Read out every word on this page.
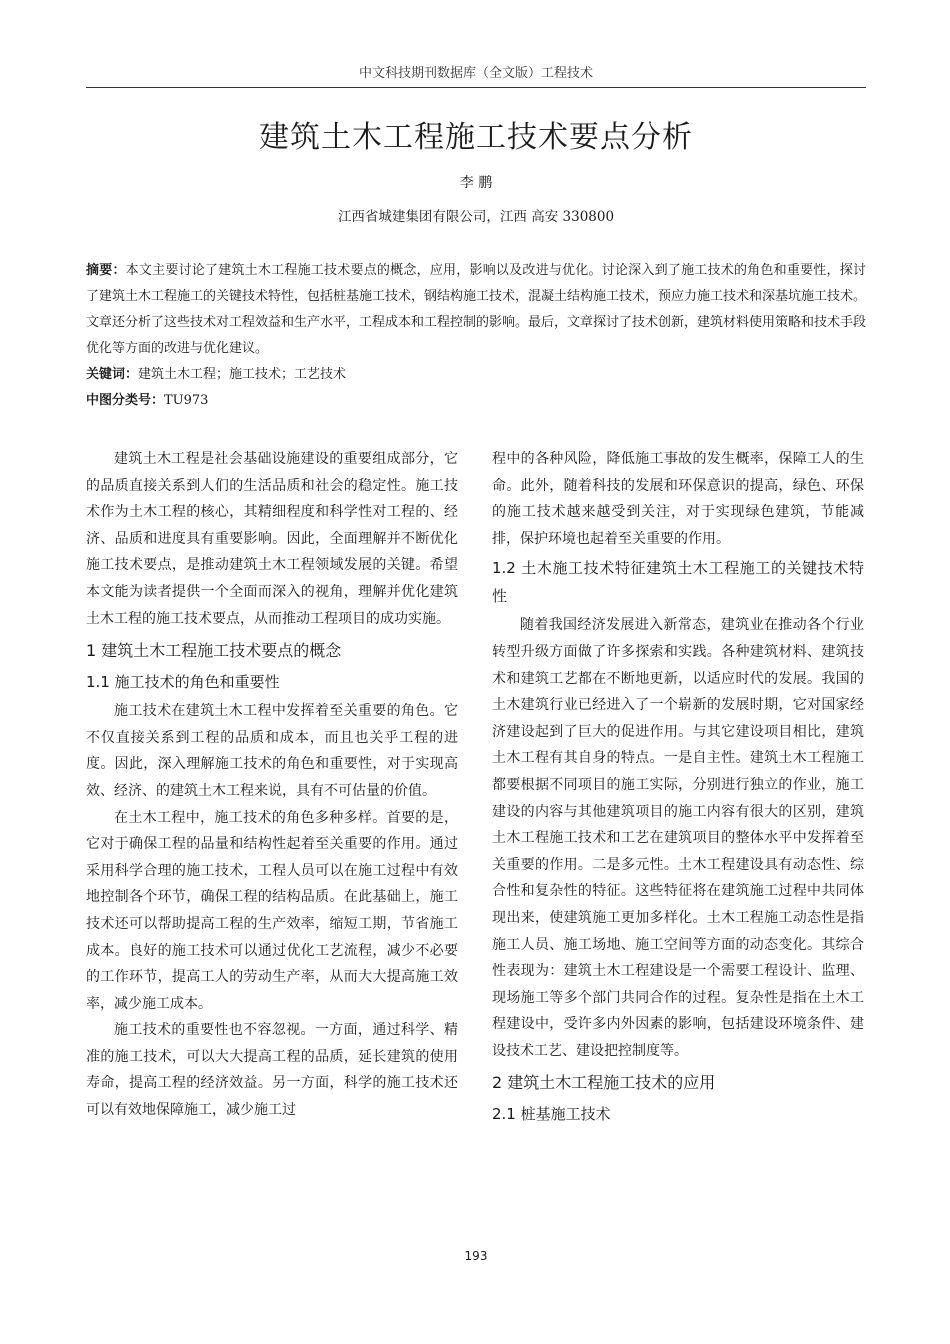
中文科技期刊数据库（全文版）工程技术
建筑土木工程施工技术要点分析
李 鹏
江西省城建集团有限公司，江西 高安 330800

摘要：本文主要讨论了建筑土木工程施工技术要点的概念，应用，影响以及改进与优化。讨论深入到了施工技术的角色和重要性，探讨了建筑土木工程施工的关键技术特性，包括桩基施工技术，钢结构施工技术，混凝土结构施工技术，预应力施工技术和深基坑施工技术。文章还分析了这些技术对工程效益和生产水平，工程成本和工程控制的影响。最后，文章探讨了技术创新，建筑材料使用策略和技术手段优化等方面的改进与优化建议。

关键词：建筑土木工程；施工技术；工艺技术

中图分类号：TU973

建筑土木工程是社会基础设施建设的重要组成部分，它的品质直接关系到人们的生活品质和社会的稳定性。施工技术作为土木工程的核心，其精细程度和科学性对工程的、经济、品质和进度具有重要影响。因此，全面理解并不断优化施工技术要点，是推动建筑土木工程领域发展的关键。希望本文能为读者提供一个全面而深入的视角，理解并优化建筑土木工程的施工技术要点，从而推动工程项目的成功实施。

1 建筑土木工程施工技术要点的概念
1.1 施工技术的角色和重要性

施工技术在建筑土木工程中发挥着至关重要的角色。它不仅直接关系到工程的品质和成本，而且也关乎工程的进度。因此，深入理解施工技术的角色和重要性，对于实现高效、经济、的建筑土木工程来说，具有不可估量的价值。

在土木工程中，施工技术的角色多种多样。首要的是，它对于确保工程的品量和结构性起着至关重要的作用。通过采用科学合理的施工技术，工程人员可以在施工过程中有效地控制各个环节，确保工程的结构品质。在此基础上，施工技术还可以帮助提高工程的生产效率，缩短工期，节省施工成本。良好的施工技术可以通过优化工艺流程，减少不必要的工作环节，提高工人的劳动生产率，从而大大提高施工效率，减少施工成本。

施工技术的重要性也不容忽视。一方面，通过科学、精准的施工技术，可以大大提高工程的品质，延长建筑的使用寿命，提高工程的经济效益。另一方面，科学的施工技术还可以有效地保障施工，减少施工过

程中的各种风险，降低施工事故的发生概率，保障工人的生命。此外，随着科技的发展和环保意识的提高，绿色、环保的施工技术越来越受到关注，对于实现绿色建筑，节能减排，保护环境也起着至关重要的作用。

1.2 土木施工技术特征建筑土木工程施工的关键技术特性

随着我国经济发展进入新常态，建筑业在推动各个行业转型升级方面做了许多探索和实践。各种建筑材料、建筑技术和建筑工艺都在不断地更新，以适应时代的发展。我国的土木建筑行业已经进入了一个崭新的发展时期，它对国家经济建设起到了巨大的促进作用。与其它建设项目相比，建筑土木工程有其自身的特点。一是自主性。建筑土木工程施工都要根据不同项目的施工实际，分别进行独立的作业，施工建设的内容与其他建筑项目的施工内容有很大的区别，建筑土木工程施工技术和工艺在建筑项目的整体水平中发挥着至关重要的作用。二是多元性。土木工程建设具有动态性、综合性和复杂性的特征。这些特征将在建筑施工过程中共同体现出来，使建筑施工更加多样化。土木工程施工动态性是指施工人员、施工场地、施工空间等方面的动态变化。其综合性表现为：建筑土木工程建设是一个需要工程设计、监理、现场施工等多个部门共同合作的过程。复杂性是指在土木工程建设中，受许多内外因素的影响，包括建设环境条件、建设技术工艺、建设把控制度等。

2 建筑土木工程施工技术的应用
2.1 桩基施工技术
193
